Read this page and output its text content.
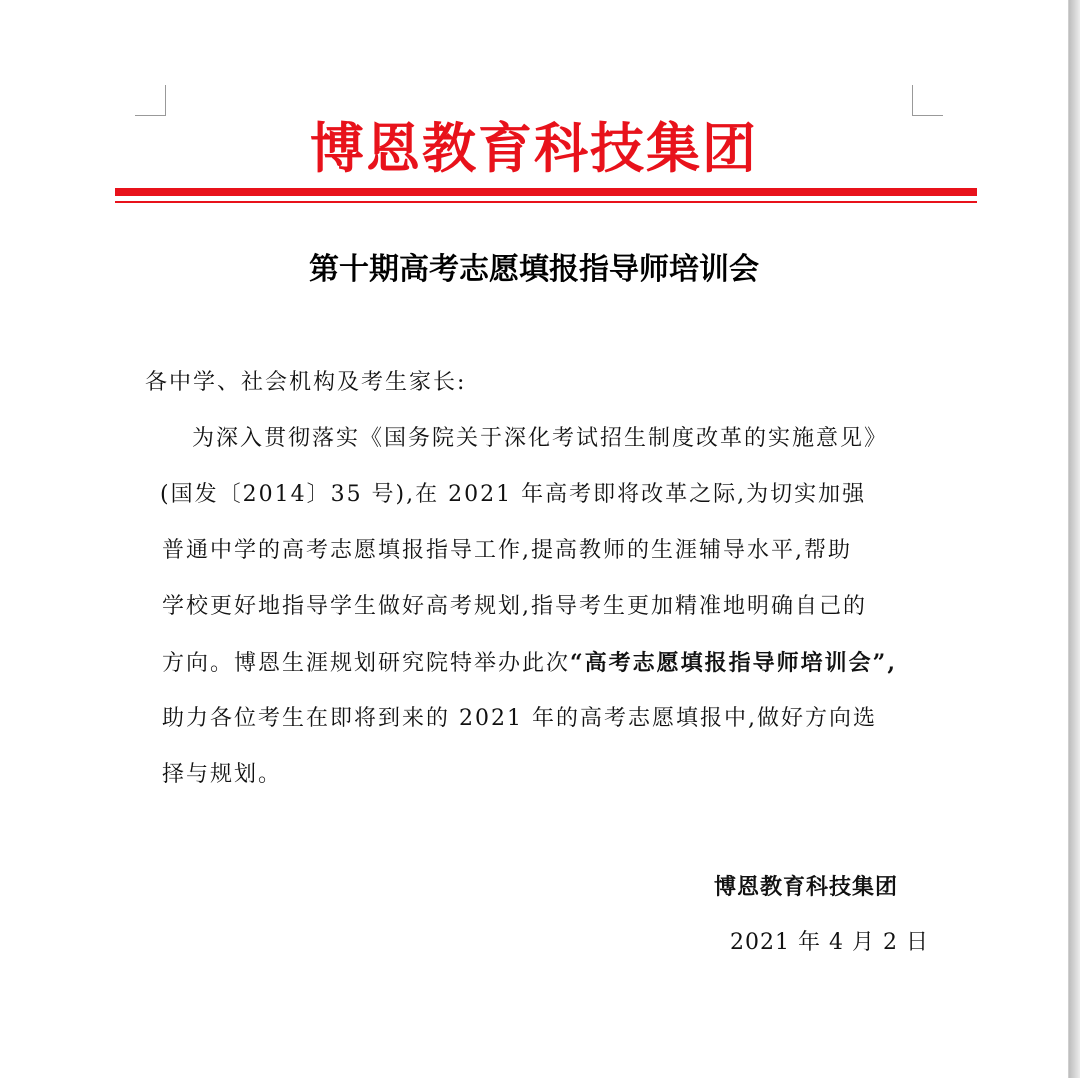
博恩教育科技集团
第十期高考志愿填报指导师培训会
各中学、社会机构及考生家长:
为深入贯彻落实《国务院关于深化考试招生制度改革的实施意见》
(国发〔2014〕35 号),在 2021 年高考即将改革之际,为切实加强
普通中学的高考志愿填报指导工作,提高教师的生涯辅导水平,帮助
学校更好地指导学生做好高考规划,指导考生更加精准地明确自己的
方向。博恩生涯规划研究院特举办此次“高考志愿填报指导师培训会”,
助力各位考生在即将到来的 2021 年的高考志愿填报中,做好方向选
择与规划。
博恩教育科技集团
2021 年 4 月 2 日
